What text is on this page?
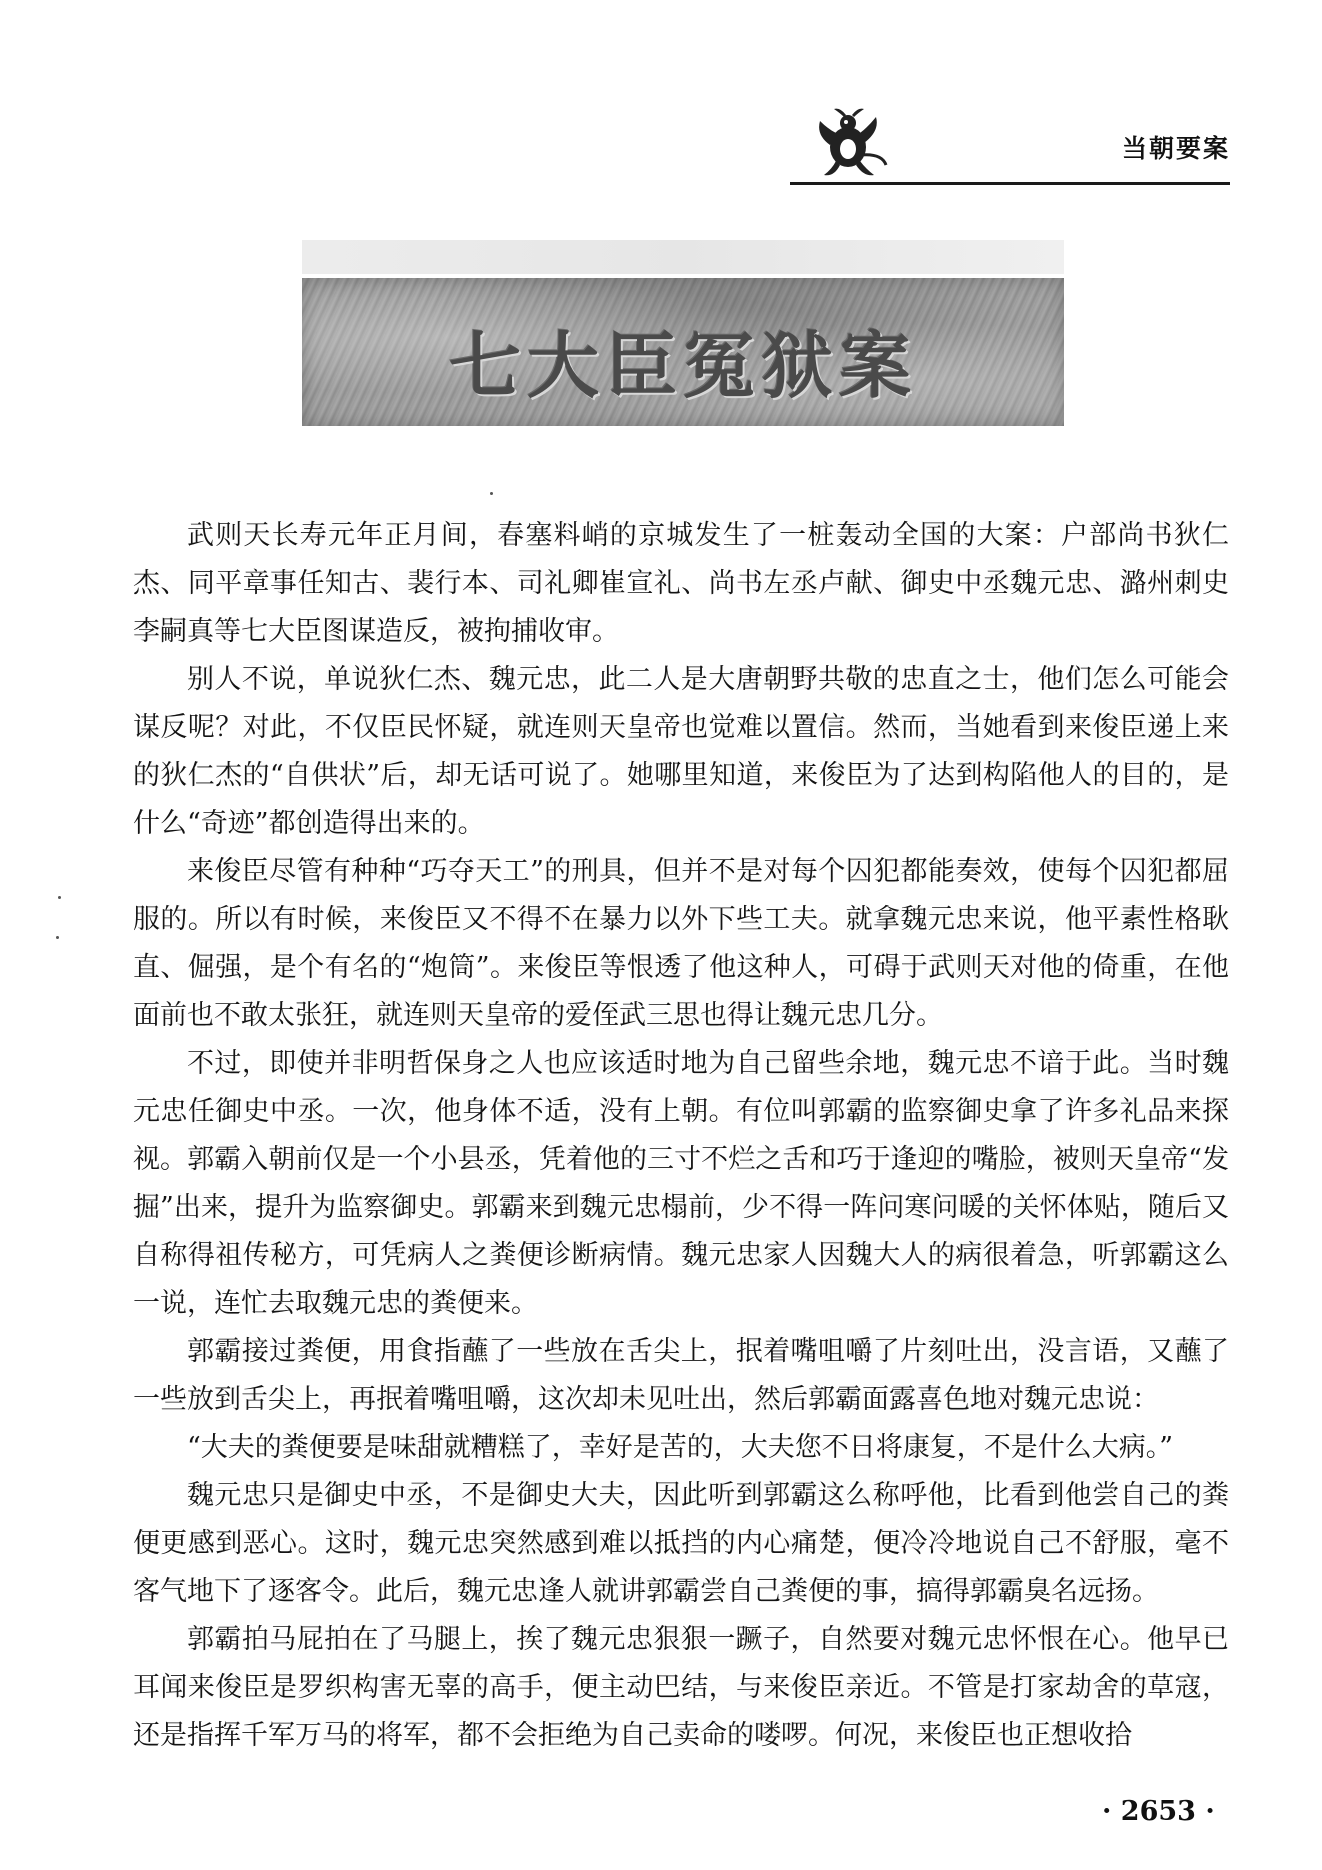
当朝要案
七大臣冤狱案

武则天长寿元年正月间，春塞料峭的京城发生了一桩轰动全国的大案：户部尚书狄仁杰、同平章事任知古、裴行本、司礼卿崔宣礼、尚书左丞卢献、御史中丞魏元忠、潞州刺史李嗣真等七大臣图谋造反，被拘捕收审。

别人不说，单说狄仁杰、魏元忠，此二人是大唐朝野共敬的忠直之士，他们怎么可能会谋反呢？对此，不仅臣民怀疑，就连则天皇帝也觉难以置信。然而，当她看到来俊臣递上来的狄仁杰的“自供状”后，却无话可说了。她哪里知道，来俊臣为了达到构陷他人的目的，是什么“奇迹”都创造得出来的。

来俊臣尽管有种种“巧夺天工”的刑具，但并不是对每个囚犯都能奏效，使每个囚犯都屈服的。所以有时候，来俊臣又不得不在暴力以外下些工夫。就拿魏元忠来说，他平素性格耿直、倔强，是个有名的“炮筒”。来俊臣等恨透了他这种人，可碍于武则天对他的倚重，在他面前也不敢太张狂，就连则天皇帝的爱侄武三思也得让魏元忠几分。

不过，即使并非明哲保身之人也应该适时地为自己留些余地，魏元忠不谙于此。当时魏元忠任御史中丞。一次，他身体不适，没有上朝。有位叫郭霸的监察御史拿了许多礼品来探视。郭霸入朝前仅是一个小县丞，凭着他的三寸不烂之舌和巧于逢迎的嘴脸，被则天皇帝“发掘”出来，提升为监察御史。郭霸来到魏元忠榻前，少不得一阵问寒问暖的关怀体贴，随后又自称得祖传秘方，可凭病人之粪便诊断病情。魏元忠家人因魏大人的病很着急，听郭霸这么一说，连忙去取魏元忠的粪便来。

郭霸接过粪便，用食指蘸了一些放在舌尖上，抿着嘴咀嚼了片刻吐出，没言语，又蘸了一些放到舌尖上，再抿着嘴咀嚼，这次却未见吐出，然后郭霸面露喜色地对魏元忠说：

“大夫的粪便要是味甜就糟糕了，幸好是苦的，大夫您不日将康复，不是什么大病。”

魏元忠只是御史中丞，不是御史大夫，因此听到郭霸这么称呼他，比看到他尝自己的粪便更感到恶心。这时，魏元忠突然感到难以抵挡的内心痛楚，便冷冷地说自己不舒服，毫不客气地下了逐客令。此后，魏元忠逢人就讲郭霸尝自己粪便的事，搞得郭霸臭名远扬。

郭霸拍马屁拍在了马腿上，挨了魏元忠狠狠一蹶子，自然要对魏元忠怀恨在心。他早已耳闻来俊臣是罗织构害无辜的高手，便主动巴结，与来俊臣亲近。不管是打家劫舍的草寇，还是指挥千军万马的将军，都不会拒绝为自己卖命的喽啰。何况，来俊臣也正想收拾

· 2653 ·
